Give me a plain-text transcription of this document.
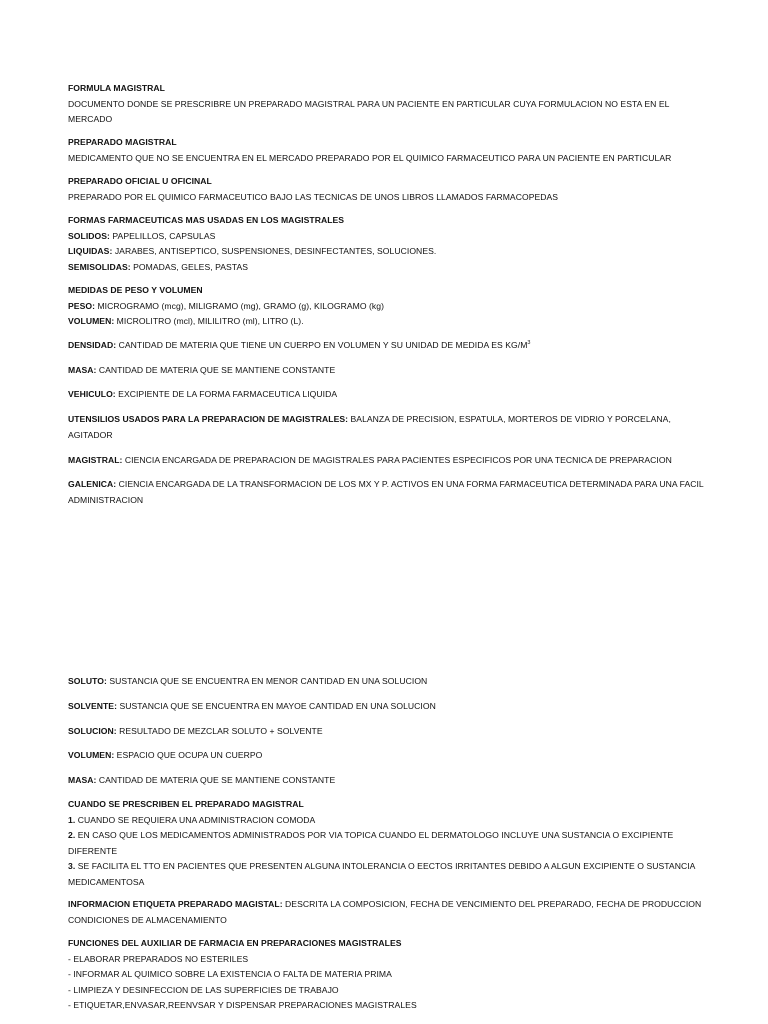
FORMULA MAGISTRAL

DOCUMENTO DONDE SE PRESCRIBRE UN PREPARADO MAGISTRAL PARA UN PACIENTE EN PARTICULAR CUYA FORMULACION NO ESTA EN EL MERCADO

PREPARADO MAGISTRAL

MEDICAMENTO QUE NO SE ENCUENTRA EN EL MERCADO PREPARADO POR EL QUIMICO FARMACEUTICO PARA UN PACIENTE EN PARTICULAR

PREPARADO OFICIAL U OFICINAL

PREPARADO POR EL QUIMICO FARMACEUTICO BAJO LAS TECNICAS DE UNOS LIBROS LLAMADOS FARMACOPEDAS

FORMAS FARMACEUTICAS MAS USADAS EN LOS MAGISTRALES

SOLIDOS: PAPELILLOS, CAPSULAS

LIQUIDAS: JARABES, ANTISEPTICO, SUSPENSIONES, DESINFECTANTES, SOLUCIONES.

SEMISOLIDAS: POMADAS, GELES, PASTAS

MEDIDAS DE PESO Y VOLUMEN

PESO: MICROGRAMO (mcg), MILIGRAMO (mg), GRAMO (g), KILOGRAMO (kg)

VOLUMEN: MICROLITRO (mcl), MILILITRO (ml), LITRO (L).

DENSIDAD: CANTIDAD DE MATERIA QUE TIENE UN CUERPO EN VOLUMEN Y SU UNIDAD DE MEDIDA ES $KG/M^3$

MASA: CANTIDAD DE MATERIA QUE SE MANTIENE CONSTANTE

VEHICULO: EXCIPIENTE DE LA FORMA FARMACEUTICA LIQUIDA

UTENSILIOS USADOS PARA LA PREPARACION DE MAGISTRALES: BALANZA DE PRECISION, ESPATULA, MORTEROS DE VIDRIO Y PORCELANA, AGITADOR

MAGISTRAL: CIENCIA ENCARGADA DE PREPARACION DE MAGISTRALES PARA PACIENTES ESPECIFICOS POR UNA TECNICA DE PREPARACION

GALENICA: CIENCIA ENCARGADA DE LA TRANSFORMACION DE LOS MX Y P. ACTIVOS EN UNA FORMA FARMACEUTICA DETERMINADA PARA UNA FACIL ADMINISTRACION

SOLUTO: SUSTANCIA QUE SE ENCUENTRA EN MENOR CANTIDAD EN UNA SOLUCION

SOLVENTE: SUSTANCIA QUE SE ENCUENTRA EN MAYOE CANTIDAD EN UNA SOLUCION

SOLUCION: RESULTADO DE MEZCLAR SOLUTO + SOLVENTE

VOLUMEN: ESPACIO QUE OCUPA UN CUERPO

MASA: CANTIDAD DE MATERIA QUE SE MANTIENE CONSTANTE

CUANDO SE PRESCRIBEN EL PREPARADO MAGISTRAL

1. CUANDO SE REQUIERA UNA ADMINISTRACION COMODA

2. EN CASO QUE LOS MEDICAMENTOS ADMINISTRADOS POR VIA TOPICA CUANDO EL DERMATOLOGO INCLUYE UNA SUSTANCIA O EXCIPIENTE DIFERENTE

3. SE FACILITA EL TTO EN PACIENTES QUE PRESENTEN ALGUNA INTOLERANCIA O EECTOS IRRITANTES DEBIDO A ALGUN EXCIPIENTE O SUSTANCIA MEDICAMENTOSA

INFORMACION ETIQUETA PREPARADO MAGISTAL: DESCRITA LA COMPOSICION, FECHA DE VENCIMIENTO DEL PREPARADO, FECHA DE PRODUCCION CONDICIONES DE ALMACENAMIENTO

FUNCIONES DEL AUXILIAR DE FARMACIA EN PREPARACIONES MAGISTRALES

- ELABORAR PREPARADOS NO ESTERILES

- INFORMAR AL QUIMICO SOBRE LA EXISTENCIA O FALTA DE MATERIA PRIMA

- LIMPIEZA Y DESINFECCION DE LAS SUPERFICIES DE TRABAJO

- ETIQUETAR,ENVASAR,REENVSAR Y DISPENSAR PREPARACIONES MAGISTRALES
